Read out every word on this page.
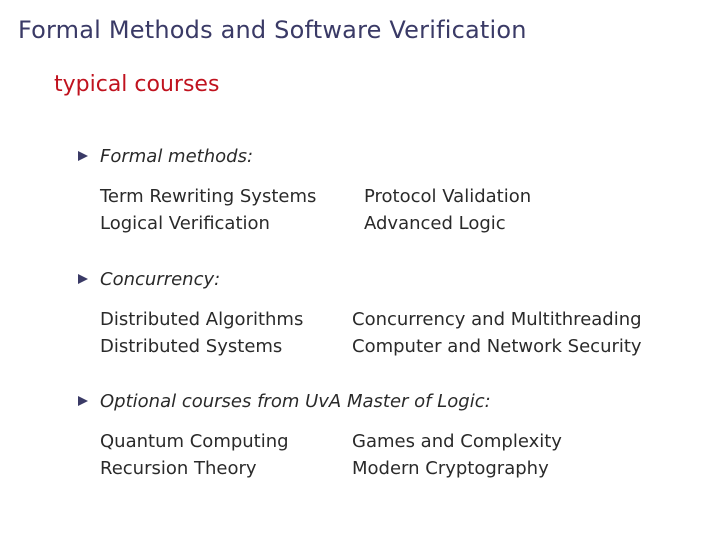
Formal Methods and Software Verification
typical courses
Formal methods:
Term Rewriting Systems
Logical Verification
Protocol Validation
Advanced Logic
Concurrency:
Distributed Algorithms
Distributed Systems
Concurrency and Multithreading
Computer and Network Security
Optional courses from UvA Master of Logic:
Quantum Computing
Recursion Theory
Games and Complexity
Modern Cryptography
